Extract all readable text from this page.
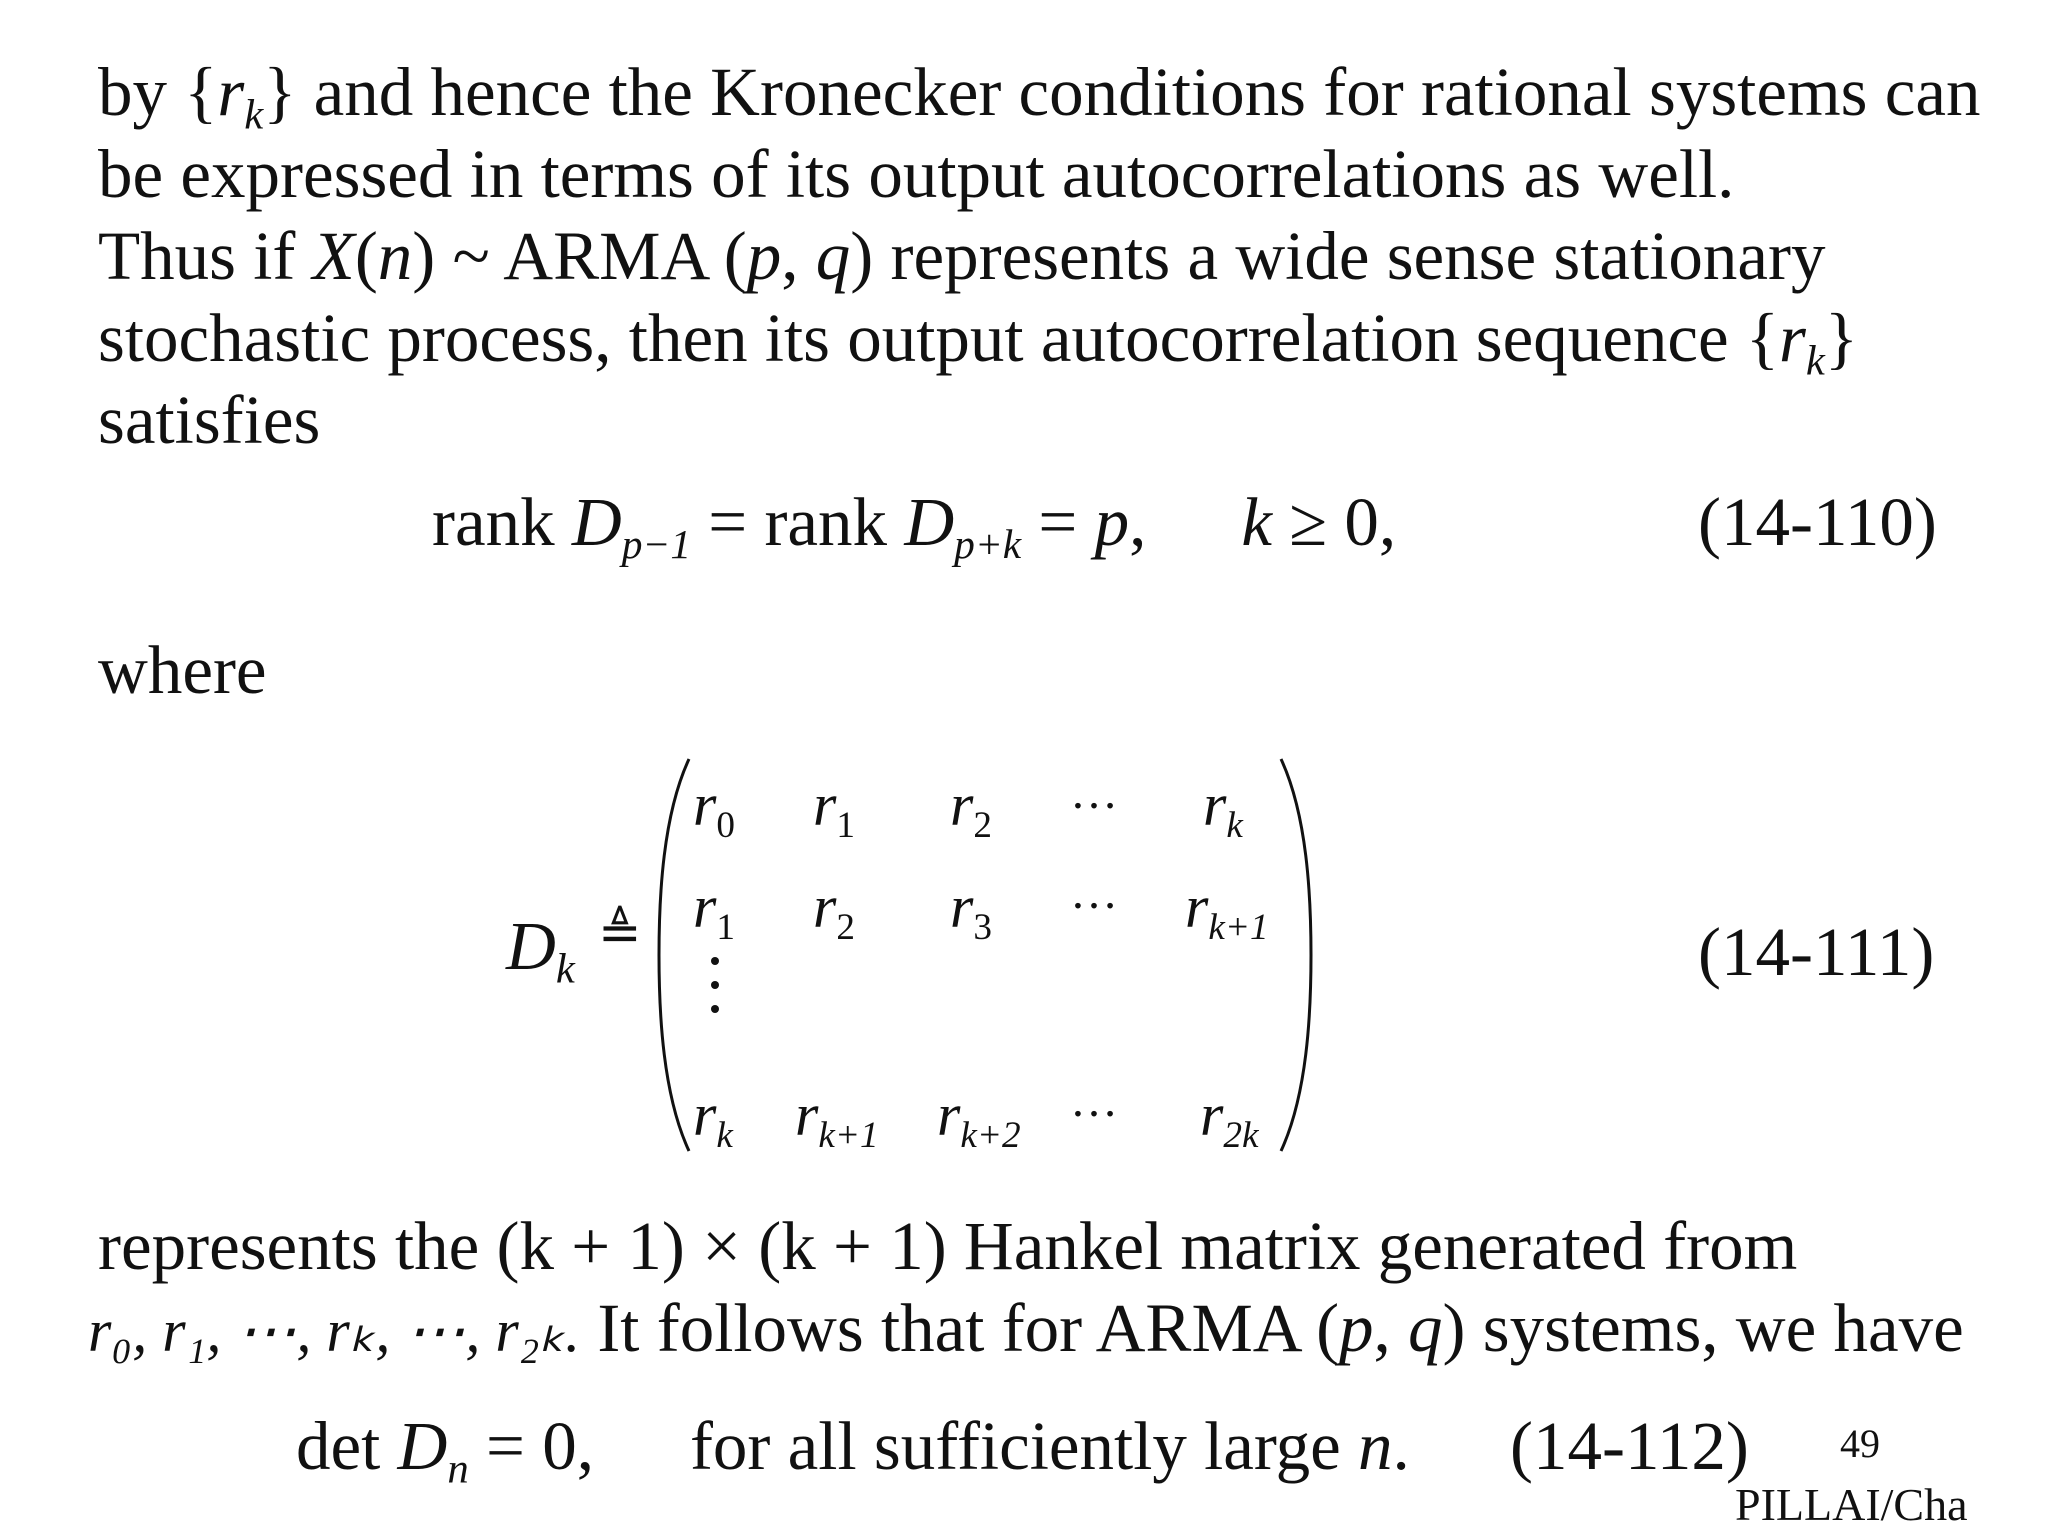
by $\{r_k\}$ and hence the Kronecker conditions for rational systems can
be expressed in terms of its output autocorrelations as well.
Thus if X(n) ~ ARMA (p, q) represents a wide sense stationary
stochastic process, then its output autocorrelation sequence $\{r_k\}$
satisfies
rank $D_{p-1}$ = rank $D_{p+k} = p$, k ≥ 0,	(14-110)
where
$D_k$
≜
$r_0$ $r_1$ $r_2$
… $r_k$
$r_1$ $r_2$ $r_3$
… $r_{k+1}$
$r_k$ $r_{k+1}$ $r_{k+2}$
… $r_{2k}$
(14-111)
represents the (k + 1) × (k + 1) Hankel matrix generated from
r₀, r₁, ⋯, rₖ, ⋯, r₂ₖ. It follows that for ARMA (p, q) systems, we have
$\det D_n = 0$, for all sufficiently large n. (14-112) 49
PILLAI/Cha
